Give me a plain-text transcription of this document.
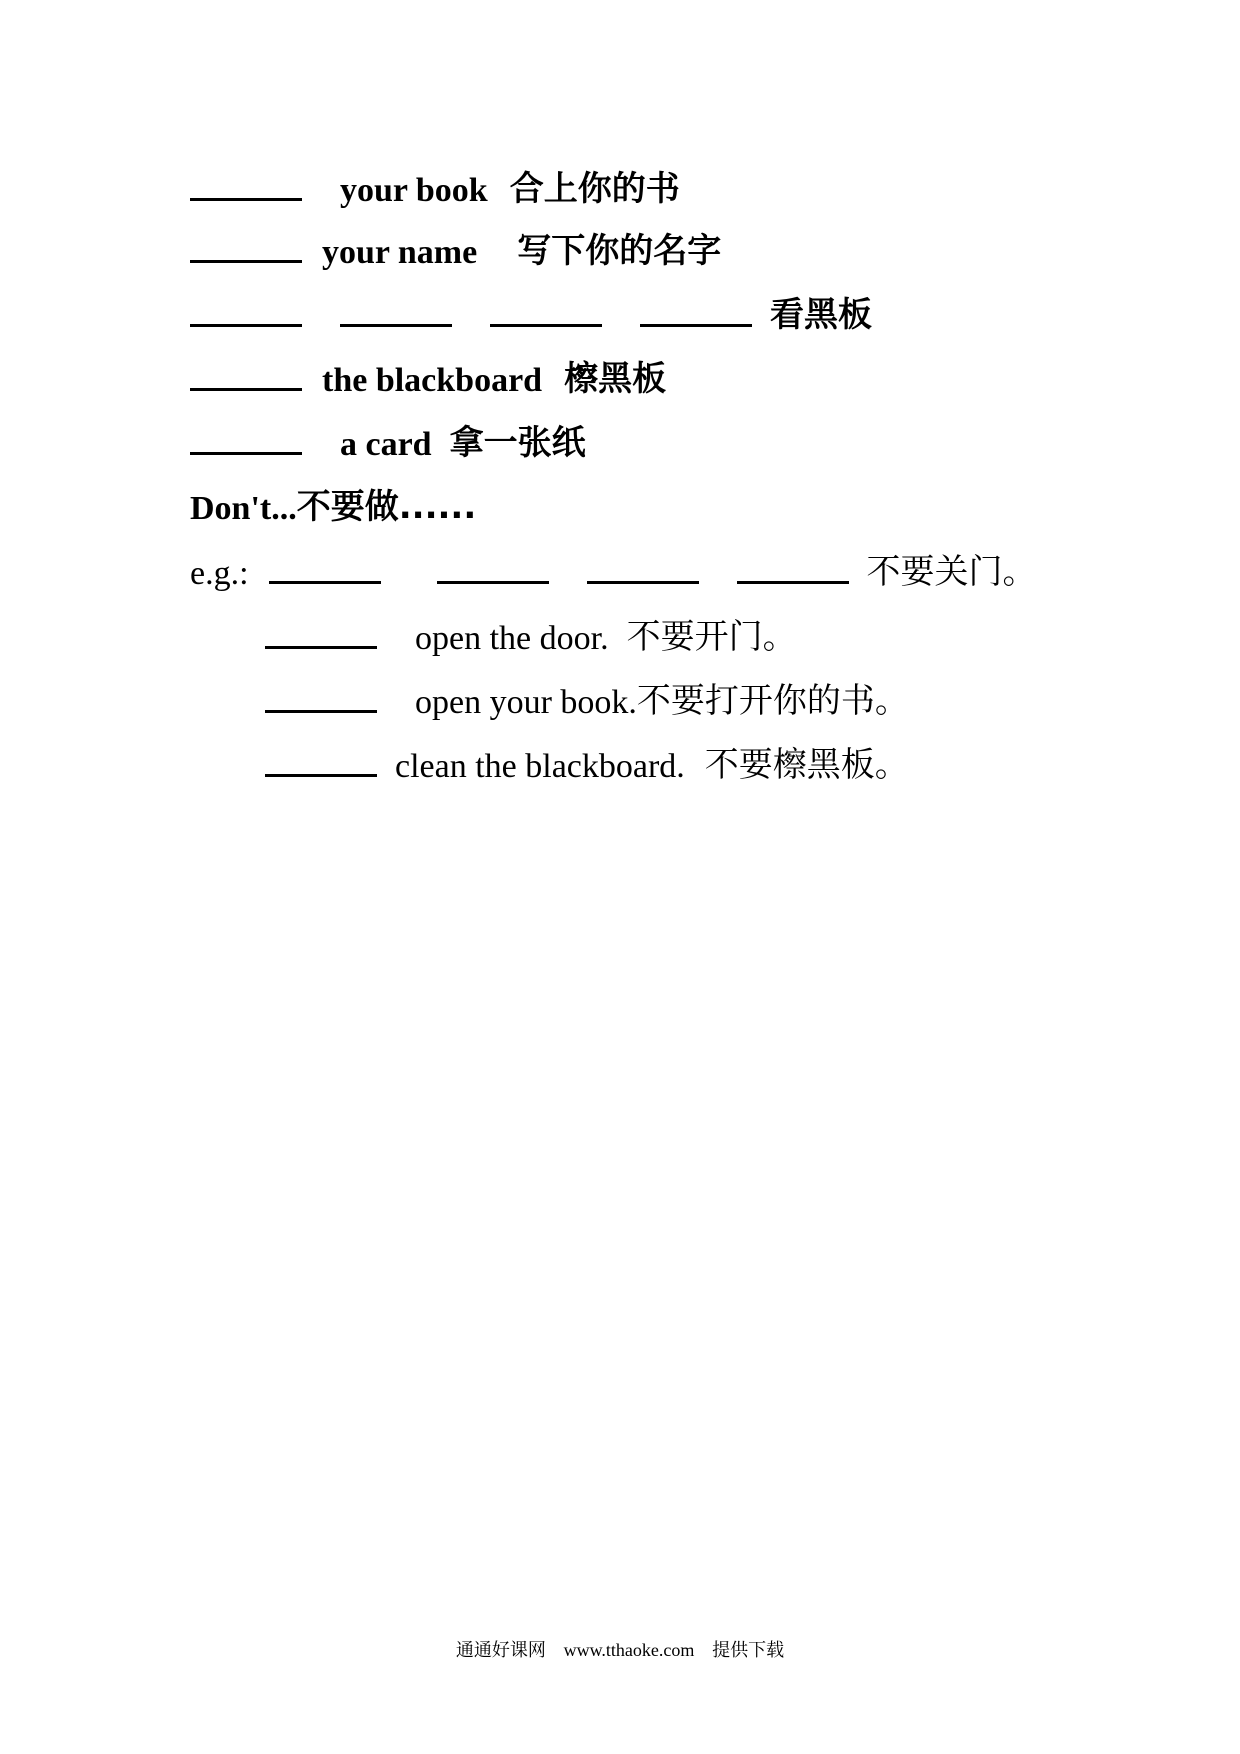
your book 合上你的书
your name 写下你的名字
看黑板
the blackboard 檫黑板
a card 拿一张纸
Don't... 不要做......
e.g.:	不要关门。
open the door. 不要开门。
open your book. 不要打开你的书。
clean the blackboard. 不要檫黑板。
通通好课网 www.tthaoke.com 提供下载
